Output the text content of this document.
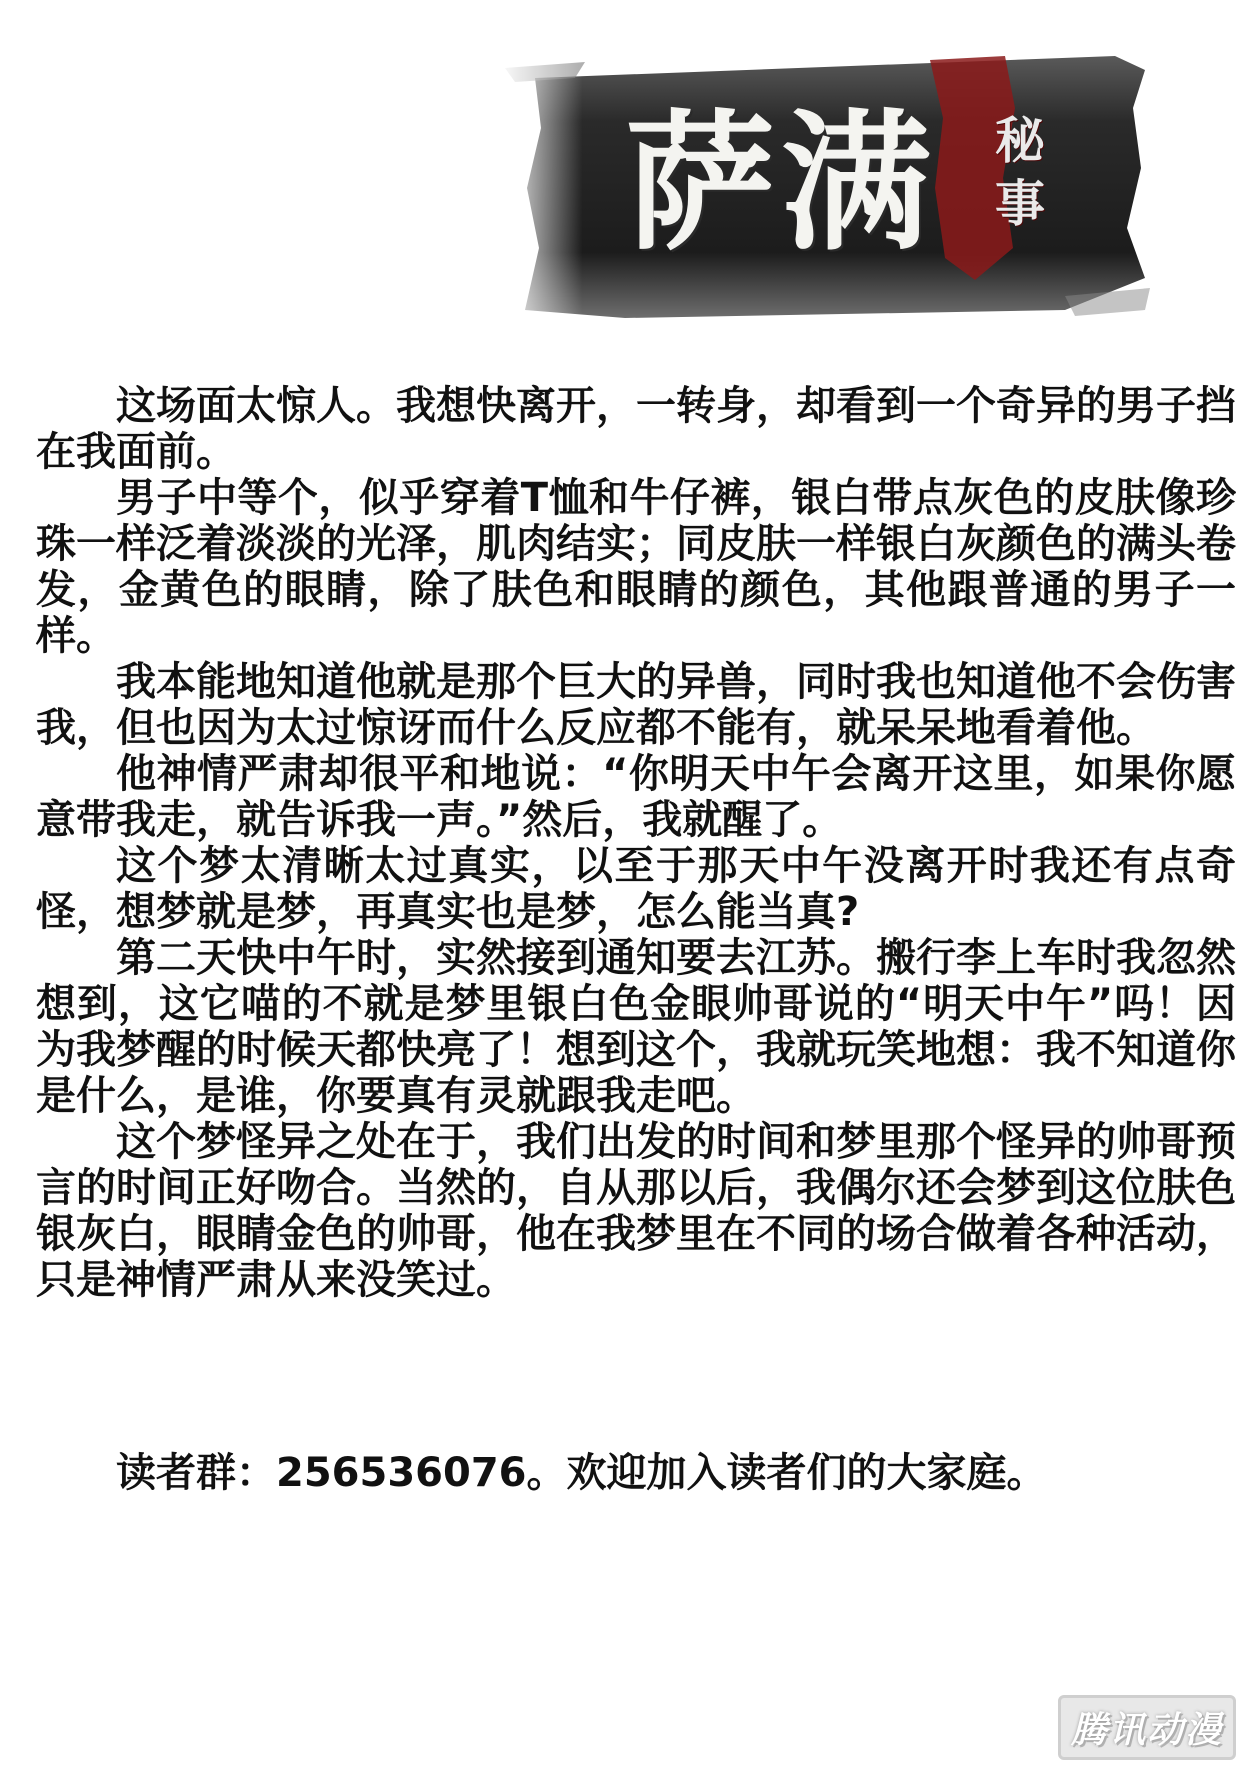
萨满 秘事

这场面太惊人。我想快离开，一转身，却看到一个奇异的男子挡在我面前。

男子中等个，似乎穿着T恤和牛仔裤，银白带点灰色的皮肤像珍珠一样泛着淡淡的光泽，肌肉结实；同皮肤一样银白灰颜色的满头卷发，金黄色的眼睛，除了肤色和眼睛的颜色，其他跟普通的男子一样。

我本能地知道他就是那个巨大的异兽，同时我也知道他不会伤害我，但也因为太过惊讶而什么反应都不能有，就呆呆地看着他。

他神情严肃却很平和地说：“你明天中午会离开这里，如果你愿意带我走，就告诉我一声。”然后，我就醒了。

这个梦太清晰太过真实，以至于那天中午没离开时我还有点奇怪，想梦就是梦，再真实也是梦，怎么能当真?

第二天快中午时，实然接到通知要去江苏。搬行李上车时我忽然想到，这它喵的不就是梦里银白色金眼帅哥说的“明天中午”吗！因为我梦醒的时候天都快亮了！想到这个，我就玩笑地想：我不知道你是什么，是谁，你要真有灵就跟我走吧。

这个梦怪异之处在于，我们出发的时间和梦里那个怪异的帅哥预言的时间正好吻合。当然的，自从那以后，我偶尔还会梦到这位肤色银灰白，眼睛金色的帅哥，他在我梦里在不同的场合做着各种活动，只是神情严肃从来没笑过。

读者群：256536076。欢迎加入读者们的大家庭。
腾讯动漫
